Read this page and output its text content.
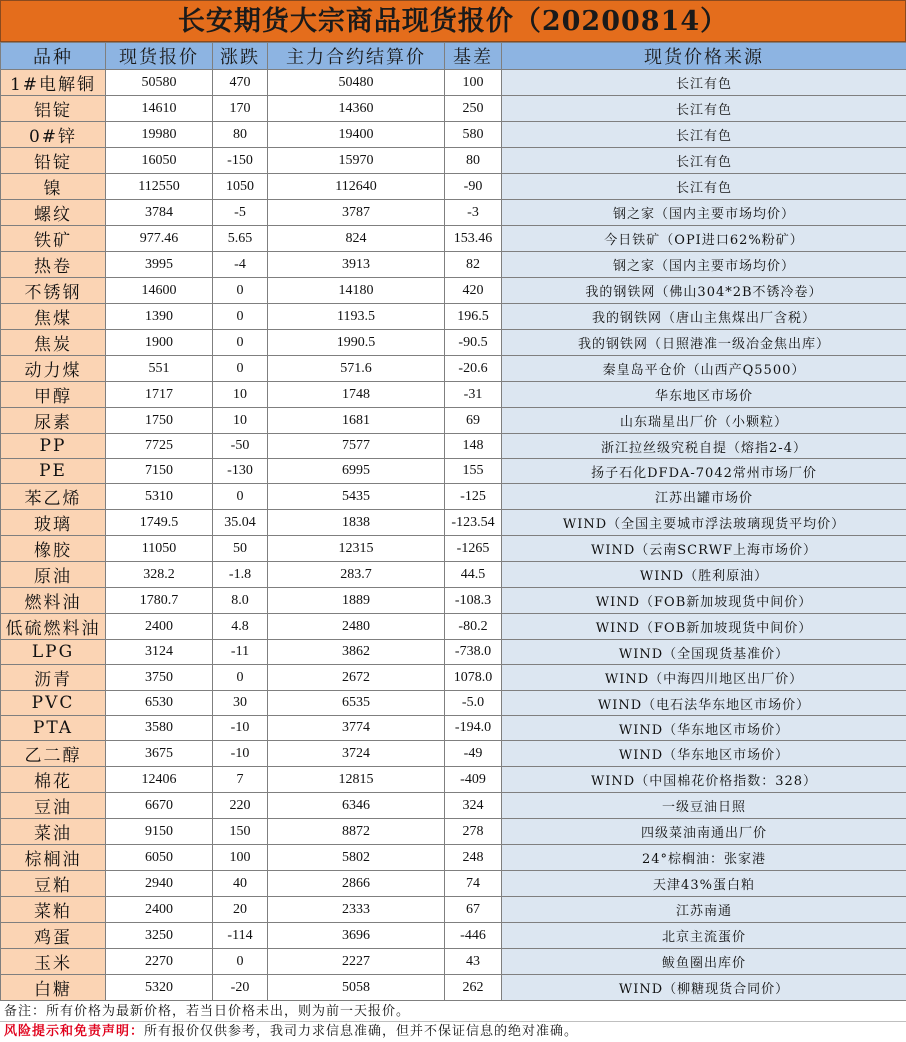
长安期货大宗商品现货报价（20200814）
品种	现货报价	涨跌	主力合约结算价	基差	现货价格来源
1#电解铜	50580	470	50480	100	长江有色
铝锭	14610	170	14360	250	长江有色
0#锌	19980	80	19400	580	长江有色
铅锭	16050	-150	15970	80	长江有色
镍	112550	1050	112640	-90	长江有色
螺纹	3784	-5	3787	-3	钢之家（国内主要市场均价）
铁矿	977.46	5.65	824	153.46	今日铁矿（OPI进口62%粉矿）
热卷	3995	-4	3913	82	钢之家（国内主要市场均价）
不锈钢	14600	0	14180	420	我的钢铁网（佛山304*2B不锈冷卷）
焦煤	1390	0	1193.5	196.5	我的钢铁网（唐山主焦煤出厂含税）
焦炭	1900	0	1990.5	-90.5	我的钢铁网（日照港准一级冶金焦出库）
动力煤	551	0	571.6	-20.6	秦皇岛平仓价（山西产Q5500）
甲醇	1717	10	1748	-31	华东地区市场价
尿素	1750	10	1681	69	山东瑞星出厂价（小颗粒）
PP	7725	-50	7577	148	浙江拉丝级究税自提（熔指2-4）
PE	7150	-130	6995	155	扬子石化DFDA-7042常州市场厂价
苯乙烯	5310	0	5435	-125	江苏出罐市场价
玻璃	1749.5	35.04	1838	-123.54	WIND（全国主要城市浮法玻璃现货平均价）
橡胶	11050	50	12315	-1265	WIND（云南SCRWF上海市场价）
原油	328.2	-1.8	283.7	44.5	WIND（胜利原油）
燃料油	1780.7	8.0	1889	-108.3	WIND（FOB新加坡现货中间价）
低硫燃料油	2400	4.8	2480	-80.2	WIND（FOB新加坡现货中间价）
LPG	3124	-11	3862	-738.0	WIND（全国现货基准价）
沥青	3750	0	2672	1078.0	WIND（中海四川地区出厂价）
PVC	6530	30	6535	-5.0	WIND（电石法华东地区市场价）
PTA	3580	-10	3774	-194.0	WIND（华东地区市场价）
乙二醇	3675	-10	3724	-49	WIND（华东地区市场价）
棉花	12406	7	12815	-409	WIND（中国棉花价格指数：328）
豆油	6670	220	6346	324	一级豆油日照
菜油	9150	150	8872	278	四级菜油南通出厂价
棕榈油	6050	100	5802	248	24°棕榈油：张家港
豆粕	2940	40	2866	74	天津43%蛋白粕
菜粕	2400	20	2333	67	江苏南通
鸡蛋	3250	-114	3696	-446	北京主流蛋价
玉米	2270	0	2227	43	鲅鱼圈出库价
白糖	5320	-20	5058	262	WIND（柳糖现货合同价）
备注：所有价格为最新价格，若当日价格未出，则为前一天报价。
风险提示和免责声明：所有报价仅供参考，我司力求信息准确，但并不保证信息的绝对准确。
